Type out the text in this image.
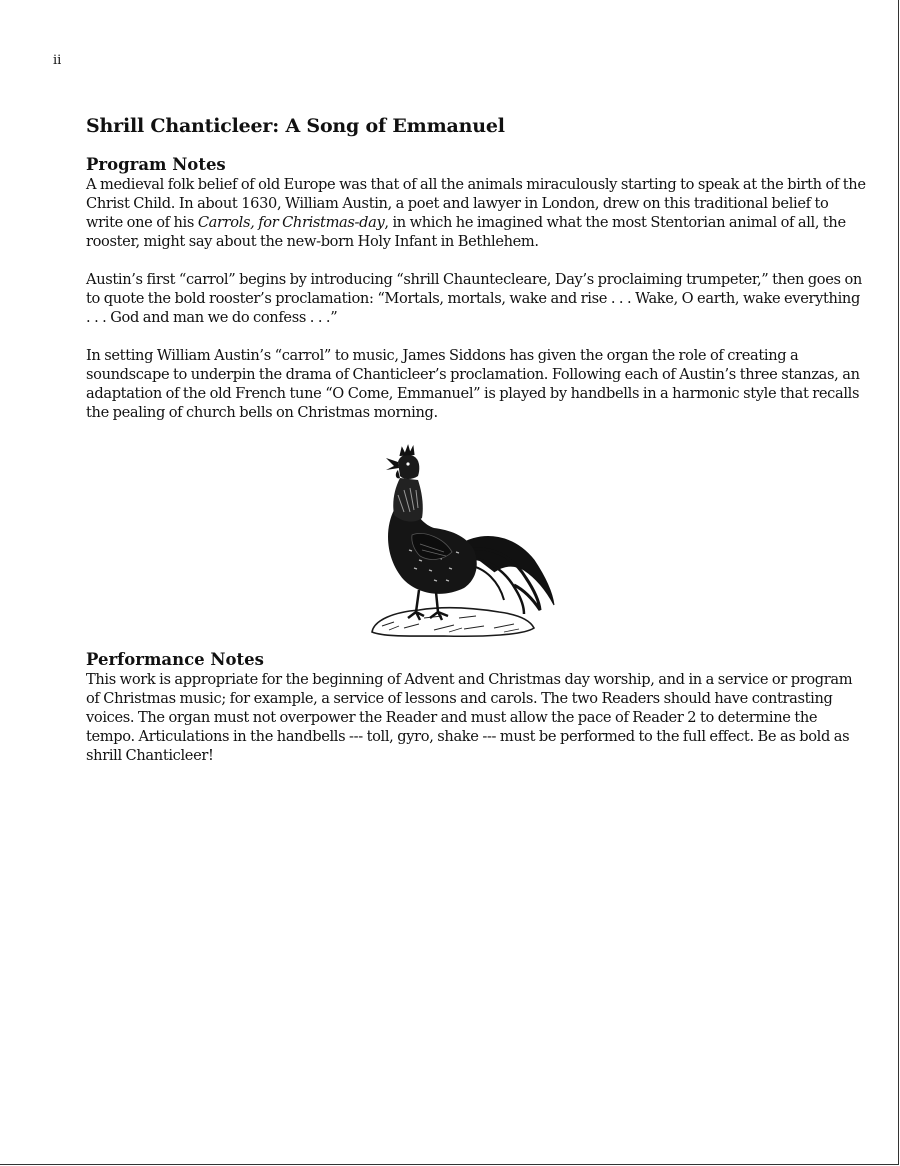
ii
Shrill Chanticleer: A Song of Emmanuel
Program Notes

A medieval folk belief of old Europe was that of all the animals miraculously starting to speak at the birth of the Christ Child. In about 1630, William Austin, a poet and lawyer in London, drew on this traditional belief to write one of his Carrols, for Christmas-day, in which he imagined what the most Stentorian animal of all, the rooster, might say about the new-born Holy Infant in Bethlehem.

Austin’s first “carrol” begins by introducing “shrill Chauntecleare, Day’s proclaiming trumpeter,” then goes on to quote the bold rooster’s proclamation: “Mortals, mortals, wake and rise . . . Wake, O earth, wake everything . . . God and man we do confess . . .”

In setting William Austin’s “carrol” to music, James Siddons has given the organ the role of creating a soundscape to underpin the drama of Chanticleer’s proclamation. Following each of Austin’s three stanzas, an adaptation of the old French tune “O Come, Emmanuel” is played by handbells in a harmonic style that recalls the pealing of church bells on Christmas morning.

Performance Notes

This work is appropriate for the beginning of Advent and Christmas day worship, and in a service or program of Christmas music; for example, a service of lessons and carols. The two Readers should have contrasting voices. The organ must not overpower the Reader and must allow the pace of Reader 2 to determine the tempo. Articulations in the handbells --- toll, gyro, shake --- must be performed to the full effect. Be as bold as shrill Chanticleer!
